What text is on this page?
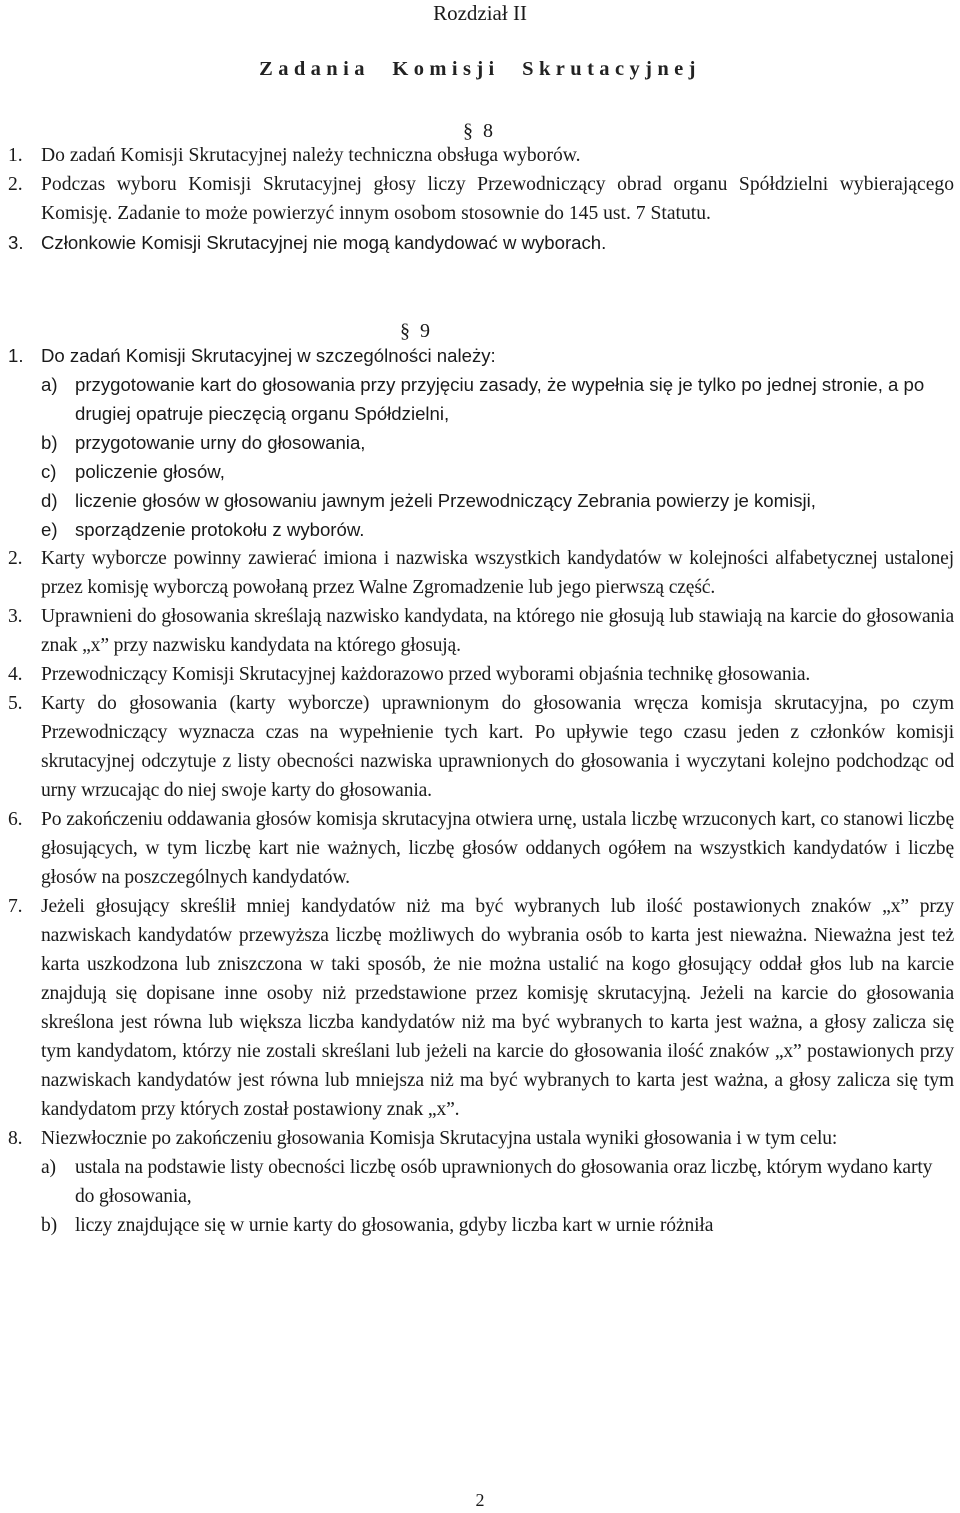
Rozdział II
Zadania Komisji Skrutacyjnej
§ 8
1. Do zadań Komisji Skrutacyjnej należy techniczna obsługa wyborów.
2. Podczas wyboru Komisji Skrutacyjnej głosy liczy Przewodniczący obrad organu Spółdzielni wybierającego Komisję. Zadanie to może powierzyć innym osobom stosownie do 145 ust. 7 Statutu.
3. Członkowie Komisji Skrutacyjnej nie mogą kandydować w wyborach.
§ 9
1. Do zadań Komisji Skrutacyjnej w szczególności należy:
a) przygotowanie kart do głosowania przy przyjęciu zasady, że wypełnia się je tylko po jednej stronie, a po drugiej opatruje pieczęcią organu Spółdzielni,
b) przygotowanie urny do głosowania,
c) policzenie głosów,
d) liczenie głosów w głosowaniu jawnym jeżeli Przewodniczący Zebrania powierzy je komisji,
e) sporządzenie protokołu z wyborów.
2. Karty wyborcze powinny zawierać imiona i nazwiska wszystkich kandydatów w kolejności alfabetycznej ustalonej przez komisję wyborczą powołaną przez Walne Zgromadzenie lub jego pierwszą część.
3. Uprawnieni do głosowania skreślają nazwisko kandydata, na którego nie głosują lub stawiają na karcie do głosowania znak „x” przy nazwisku kandydata na którego głosują.
4. Przewodniczący Komisji Skrutacyjnej każdorazowo przed wyborami objaśnia technikę głosowania.
5. Karty do głosowania (karty wyborcze) uprawnionym do głosowania wręcza komisja skrutacyjna, po czym Przewodniczący wyznacza czas na wypełnienie tych kart. Po upływie tego czasu jeden z członków komisji skrutacyjnej odczytuje z listy obecności nazwiska uprawnionych do głosowania i wyczytani kolejno podchodząc od urny wrzucając do niej swoje karty do głosowania.
6. Po zakończeniu oddawania głosów komisja skrutacyjna otwiera urnę, ustala liczbę wrzuconych kart, co stanowi liczbę głosujących, w tym liczbę kart nie ważnych, liczbę głosów oddanych ogółem na wszystkich kandydatów i liczbę głosów na poszczególnych kandydatów.
7. Jeżeli głosujący skreślił mniej kandydatów niż ma być wybranych lub ilość postawionych znaków „x” przy nazwiskach kandydatów przewyższa liczbę możliwych do wybrania osób to karta jest nieważna. Nieważna jest też karta uszkodzona lub zniszczona w taki sposób, że nie można ustalić na kogo głosujący oddał głos lub na karcie znajdują się dopisane inne osoby niż przedstawione przez komisję skrutacyjną. Jeżeli na karcie do głosowania skreślona jest równa lub większa liczba kandydatów niż ma być wybranych to karta jest ważna, a głosy zalicza się tym kandydatom, którzy nie zostali skreślani lub jeżeli na karcie do głosowania ilość znaków „x” postawionych przy nazwiskach kandydatów jest równa lub mniejsza niż ma być wybranych to karta jest ważna, a głosy zalicza się tym kandydatom przy których został postawiony znak „x”.
8. Niezwłocznie po zakończeniu głosowania Komisja Skrutacyjna ustala wyniki głosowania i w tym celu:
a) ustala na podstawie listy obecności liczbę osób uprawnionych do głosowania oraz liczbę, którym wydano karty do głosowania,
b) liczy znajdujące się w urnie karty do głosowania, gdyby liczba kart w urnie różniła
2
